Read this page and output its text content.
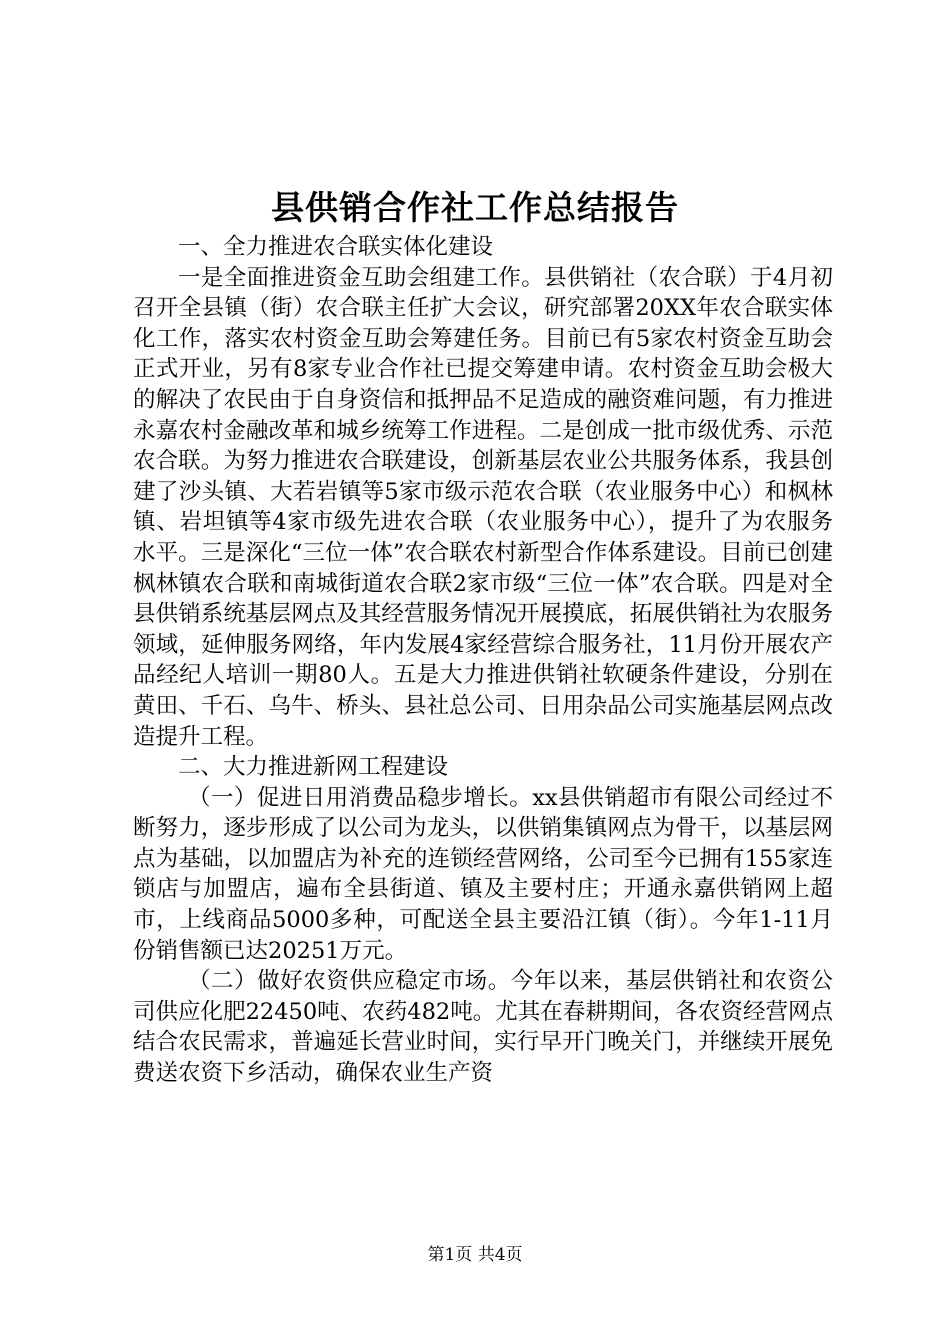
县供销合作社工作总结报告

一、全力推进农合联实体化建设

一是全面推进资金互助会组建工作。县供销社（农合联）于4月初召开全县镇（街）农合联主任扩大会议，研究部署20XX年农合联实体化工作，落实农村资金互助会筹建任务。目前已有5家农村资金互助会正式开业，另有8家专业合作社已提交筹建申请。农村资金互助会极大的解决了农民由于自身资信和抵押品不足造成的融资难问题，有力推进永嘉农村金融改革和城乡统筹工作进程。二是创成一批市级优秀、示范农合联。为努力推进农合联建设，创新基层农业公共服务体系，我县创建了沙头镇、大若岩镇等5家市级示范农合联（农业服务中心）和枫林镇、岩坦镇等4家市级先进农合联（农业服务中心），提升了为农服务水平。三是深化“三位一体”农合联农村新型合作体系建设。目前已创建枫林镇农合联和南城街道农合联2家市级“三位一体”农合联。四是对全县供销系统基层网点及其经营服务情况开展摸底，拓展供销社为农服务领域，延伸服务网络，年内发展4家经营综合服务社，11月份开展农产品经纪人培训一期80人。五是大力推进供销社软硬条件建设，分别在黄田、千石、乌牛、桥头、县社总公司、日用杂品公司实施基层网点改造提升工程。

二、大力推进新网工程建设

（一）促进日用消费品稳步增长。xx县供销超市有限公司经过不断努力，逐步形成了以公司为龙头，以供销集镇网点为骨干，以基层网点为基础，以加盟店为补充的连锁经营网络，公司至今已拥有155家连锁店与加盟店，遍布全县街道、镇及主要村庄；开通永嘉供销网上超市，上线商品5000多种，可配送全县主要沿江镇（街）。今年1-11月份销售额已达20251万元。

（二）做好农资供应稳定市场。今年以来，基层供销社和农资公司供应化肥22450吨、农药482吨。尤其在春耕期间，各农资经营网点结合农民需求，普遍延长营业时间，实行早开门晚关门，并继续开展免费送农资下乡活动，确保农业生产资

第1页 共4页
